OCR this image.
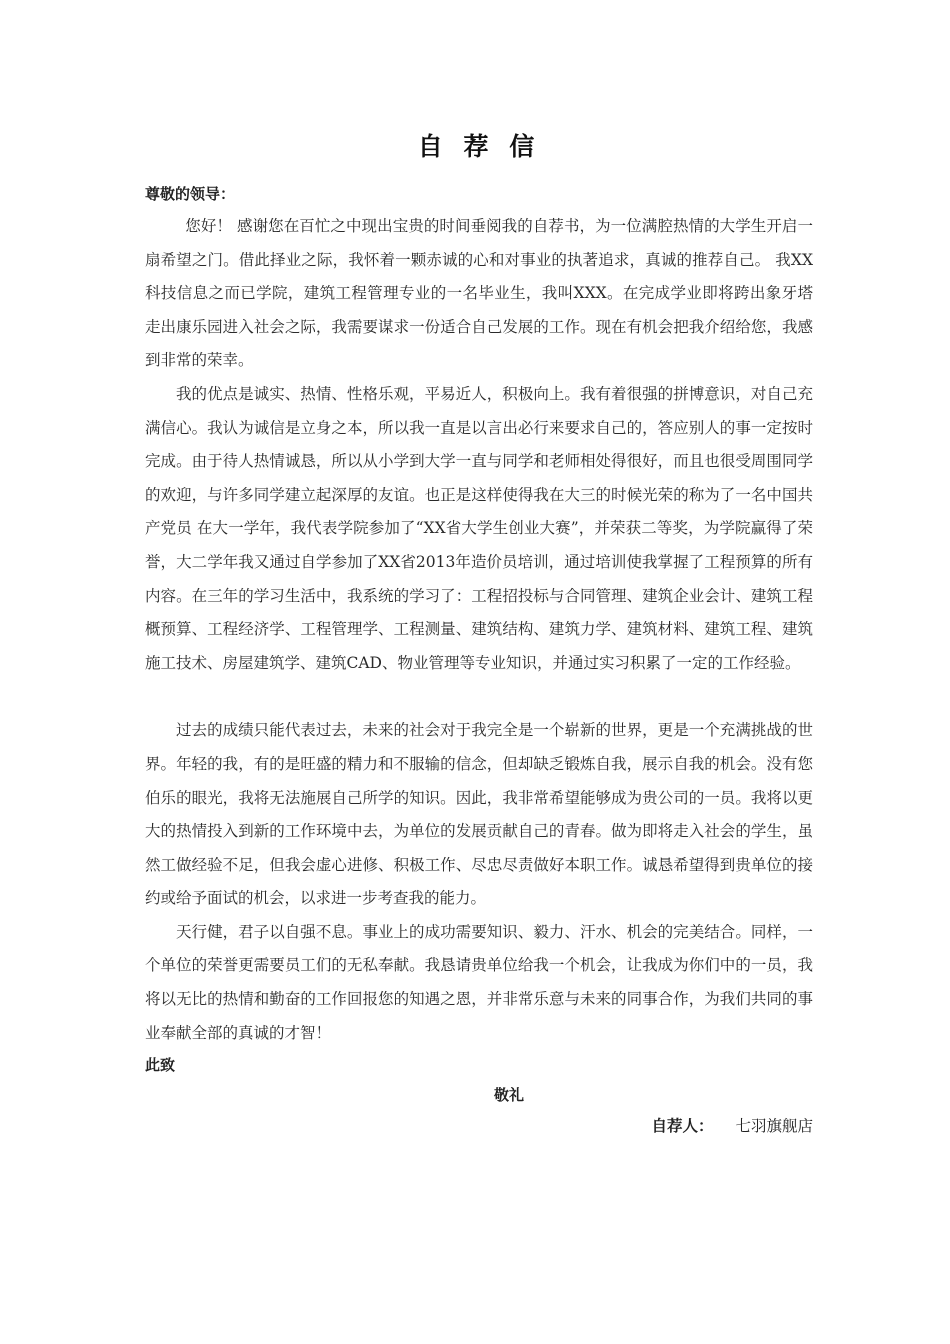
自 荐 信

尊敬的领导：

您好！ 感谢您在百忙之中现出宝贵的时间垂阅我的自荐书，为一位满腔热情的大学生开启一扇希望之门。借此择业之际，我怀着一颗赤诚的心和对事业的执著追求，真诚的推荐自己。 我XX科技信息之而已学院，建筑工程管理专业的一名毕业生，我叫XXX。在完成学业即将跨出象牙塔走出康乐园进入社会之际，我需要谋求一份适合自己发展的工作。现在有机会把我介绍给您，我感到非常的荣幸。

我的优点是诚实、热情、性格乐观，平易近人，积极向上。我有着很强的拼博意识，对自己充满信心。我认为诚信是立身之本，所以我一直是以言出必行来要求自己的，答应别人的事一定按时完成。由于待人热情诚恳，所以从小学到大学一直与同学和老师相处得很好，而且也很受周围同学的欢迎，与许多同学建立起深厚的友谊。也正是这样使得我在大三的时候光荣的称为了一名中国共产党员 在大一学年，我代表学院参加了“XX省大学生创业大赛”，并荣获二等奖，为学院赢得了荣誉，大二学年我又通过自学参加了XX省2013年造价员培训，通过培训使我掌握了工程预算的所有内容。在三年的学习生活中，我系统的学习了：工程招投标与合同管理、建筑企业会计、建筑工程概预算、工程经济学、工程管理学、工程测量、建筑结构、建筑力学、建筑材料、建筑工程、建筑施工技术、房屋建筑学、建筑CAD、物业管理等专业知识，并通过实习积累了一定的工作经验。

过去的成绩只能代表过去，未来的社会对于我完全是一个崭新的世界，更是一个充满挑战的世界。年轻的我，有的是旺盛的精力和不服输的信念，但却缺乏锻炼自我，展示自我的机会。没有您伯乐的眼光，我将无法施展自己所学的知识。因此，我非常希望能够成为贵公司的一员。我将以更大的热情投入到新的工作环境中去，为单位的发展贡献自己的青春。做为即将走入社会的学生，虽然工做经验不足，但我会虚心进修、积极工作、尽忠尽责做好本职工作。诚恳希望得到贵单位的接约或给予面试的机会，以求进一步考查我的能力。

天行健，君子以自强不息。事业上的成功需要知识、毅力、汗水、机会的完美结合。同样，一个单位的荣誉更需要员工们的无私奉献。我恳请贵单位给我一个机会，让我成为你们中的一员，我将以无比的热情和勤奋的工作回报您的知遇之恩，并非常乐意与未来的同事合作，为我们共同的事业奉献全部的真诚的才智！

此致

敬礼

自荐人： 七羽旗舰店
